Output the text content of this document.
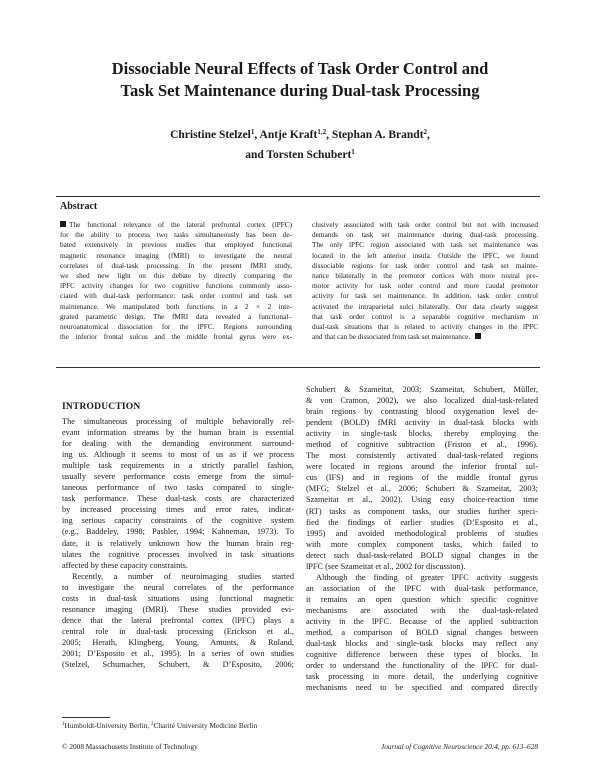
Dissociable Neural Effects of Task Order Control and
Task Set Maintenance during Dual-task Processing
Christine Stelzel$^1$, Antje Kraft$^{1,2}$, Stephan A. Brandt$^2$,
and Torsten Schubert$^1$
Abstract
The functional relevance of the lateral prefrontal cortex (lPFC)
for the ability to process two tasks simultaneously has been de-
bated extensively in previous studies that employed functional
magnetic resonance imaging (fMRI) to investigate the neural
correlates of dual-task processing. In the present fMRI study,
we shed new light on this debate by directly comparing the
lPFC activity changes for two cognitive functions commonly asso-
ciated with dual-task performance: task order control and task set
maintenance. We manipulated both functions in a 2 × 2 inte-
grated parametric design. The fMRI data revealed a functional–
neuroanatomical dissociation for the lPFC. Regions surrounding
the inferior frontal sulcus and the middle frontal gyrus were ex-
clusively associated with task order control but not with increased
demands on task set maintenance during dual-task processing.
The only lPFC region associated with task set maintenance was
located in the left anterior insula. Outside the lPFC, we found
dissociable regions for task order control and task set mainte-
nance bilaterally in the premotor cortices with more rostral pre-
motor activity for task order control and more caudal premotor
activity for task set maintenance. In addition, task order control
activated the intraparietal sulci bilaterally. Our data clearly suggest
that task order control is a separable cognitive mechanism in
dual-task situations that is related to activity changes in the lPFC
and that can be dissociated from task set maintenance.
INTRODUCTION
The simultaneous processing of multiple behaviorally rel-
evant information streams by the human brain is essential
for dealing with the demanding environment surround-
ing us. Although it seems to most of us as if we process
multiple task requirements in a strictly parallel fashion,
usually severe performance costs emerge from the simul-
taneous performance of two tasks compared to single-
task performance. These dual-task costs are characterized
by increased processing times and error rates, indicat-
ing serious capacity constraints of the cognitive system
(e.g., Baddeley, 1998; Pashler, 1994; Kahneman, 1973). To
date, it is relatively unknown how the human brain reg-
ulates the cognitive processes involved in task situations
affected by these capacity constraints.
Recently, a number of neuroimaging studies started
to investigate the neural correlates of the performance
costs in dual-task situations using functional magnetic
resonance imaging (fMRI). These studies provided evi-
dence that the lateral prefrontal cortex (lPFC) plays a
central role in dual-task processing (Erickson et al.,
2005; Herath, Klingberg, Young, Amunts, & Roland,
2001; D’Esposito et al., 1995). In a series of own studies
(Stelzel, Schumacher, Schubert, & D’Esposito, 2006;
Schubert & Szameitat, 2003; Szameitat, Schubert, Müller,
& von Cramon, 2002), we also localized dual-task-related
brain regions by contrasting blood oxygenation level de-
pendent (BOLD) fMRI activity in dual-task blocks with
activity in single-task blocks, thereby employing the
method of cognitive subtraction (Friston et al., 1996).
The most consistently activated dual-task-related regions
were located in regions around the inferior frontal sul-
cus (IFS) and in regions of the middle frontal gyrus
(MFG; Stelzel et al., 2006; Schubert & Szameitat, 2003;
Szameitat et al., 2002). Using easy choice-reaction time
(RT) tasks as component tasks, our studies further speci-
fied the findings of earlier studies (D’Esposito et al.,
1995) and avoided methodological problems of studies
with more complex component tasks, which failed to
detect such dual-task-related BOLD signal changes in the
lPFC (see Szameitat et al., 2002 for discussion).
Although the finding of greater lPFC activity suggests
an association of the lPFC with dual-task performance,
it remains an open question which specific cognitive
mechanisms are associated with the dual-task-related
activity in the lPFC. Because of the applied subtraction
method, a comparison of BOLD signal changes between
dual-task blocks and single-task blocks may reflect any
cognitive difference between these types of blocks. In
order to understand the functionality of the lPFC for dual-
task processing in more detail, the underlying cognitive
mechanisms need to be specified and compared directly
$^1$Humboldt-University Berlin, $^2$Charité University Medicine Berlin
© 2008 Massachusetts Institute of Technology	Journal of Cognitive Neuroscience 20:4, pp. 613–628
